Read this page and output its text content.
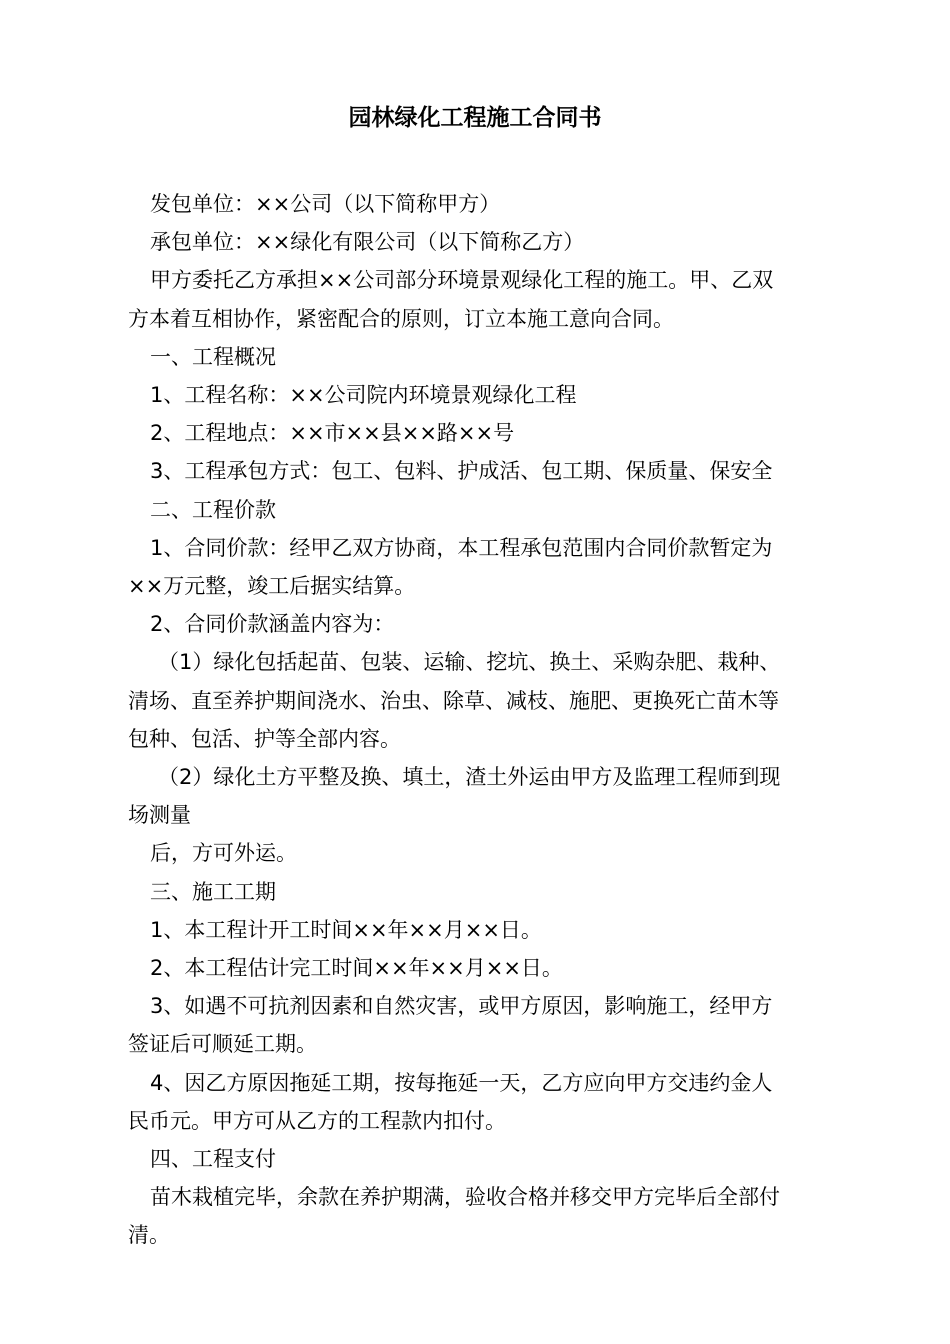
园林绿化工程施工合同书

发包单位：××公司（以下简称甲方）

承包单位：××绿化有限公司（以下简称乙方）

甲方委托乙方承担××公司部分环境景观绿化工程的施工。甲、乙双

方本着互相协作，紧密配合的原则，订立本施工意向合同。

一、工程概况

1、工程名称：××公司院内环境景观绿化工程

2、工程地点：××市××县××路××号

3、工程承包方式：包工、包料、护成活、包工期、保质量、保安全

二、工程价款

1、合同价款：经甲乙双方协商，本工程承包范围内合同价款暂定为

××万元整，竣工后据实结算。

2、合同价款涵盖内容为：

（1）绿化包括起苗、包装、运输、挖坑、换土、采购杂肥、栽种、

清场、直至养护期间浇水、治虫、除草、减枝、施肥、更换死亡苗木等

包种、包活、护等全部内容。

（2）绿化土方平整及换、填土，渣土外运由甲方及监理工程师到现

场测量

后，方可外运。

三、施工工期

1、本工程计开工时间××年××月××日。

2、本工程估计完工时间××年××月××日。

3、如遇不可抗剂因素和自然灾害，或甲方原因，影响施工，经甲方

签证后可顺延工期。

4、因乙方原因拖延工期，按每拖延一天，乙方应向甲方交违约金人

民币元。甲方可从乙方的工程款内扣付。

四、工程支付

苗木栽植完毕，余款在养护期满，验收合格并移交甲方完毕后全部付

清。
